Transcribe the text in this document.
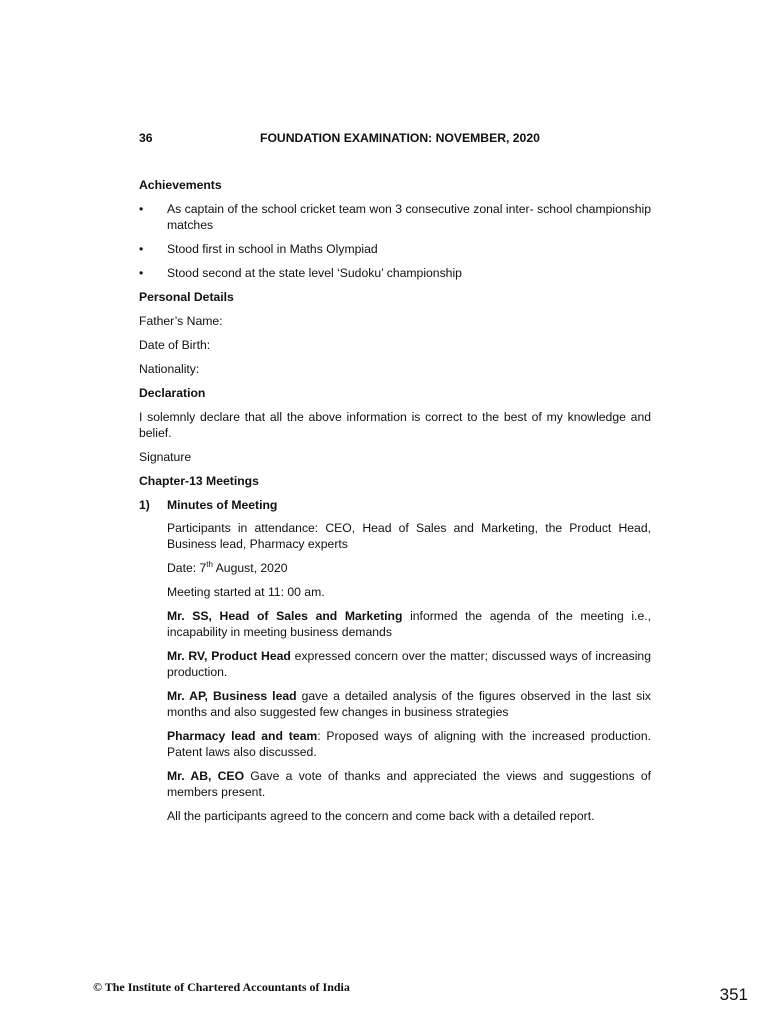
36	FOUNDATION EXAMINATION: NOVEMBER, 2020

Achievements

• As captain of the school cricket team won 3 consecutive zonal inter- school championship matches
• Stood first in school in Maths Olympiad
• Stood second at the state level ‘Sudoku’ championship

Personal Details

Father’s Name:

Date of Birth:

Nationality:

Declaration

I solemnly declare that all the above information is correct to the best of my knowledge and belief.

Signature

Chapter-13 Meetings

1)	Minutes of Meeting

Participants in attendance: CEO, Head of Sales and Marketing, the Product Head, Business lead, Pharmacy experts

Date: 7th August, 2020

Meeting started at 11: 00 am.

Mr. SS, Head of Sales and Marketing informed the agenda of the meeting i.e., incapability in meeting business demands

Mr. RV, Product Head expressed concern over the matter; discussed ways of increasing production.

Mr. AP, Business lead gave a detailed analysis of the figures observed in the last six months and also suggested few changes in business strategies

Pharmacy lead and team: Proposed ways of aligning with the increased production. Patent laws also discussed.

Mr. AB, CEO Gave a vote of thanks and appreciated the views and suggestions of members present.

All the participants agreed to the concern and come back with a detailed report.

© The Institute of Chartered Accountants of India	351
